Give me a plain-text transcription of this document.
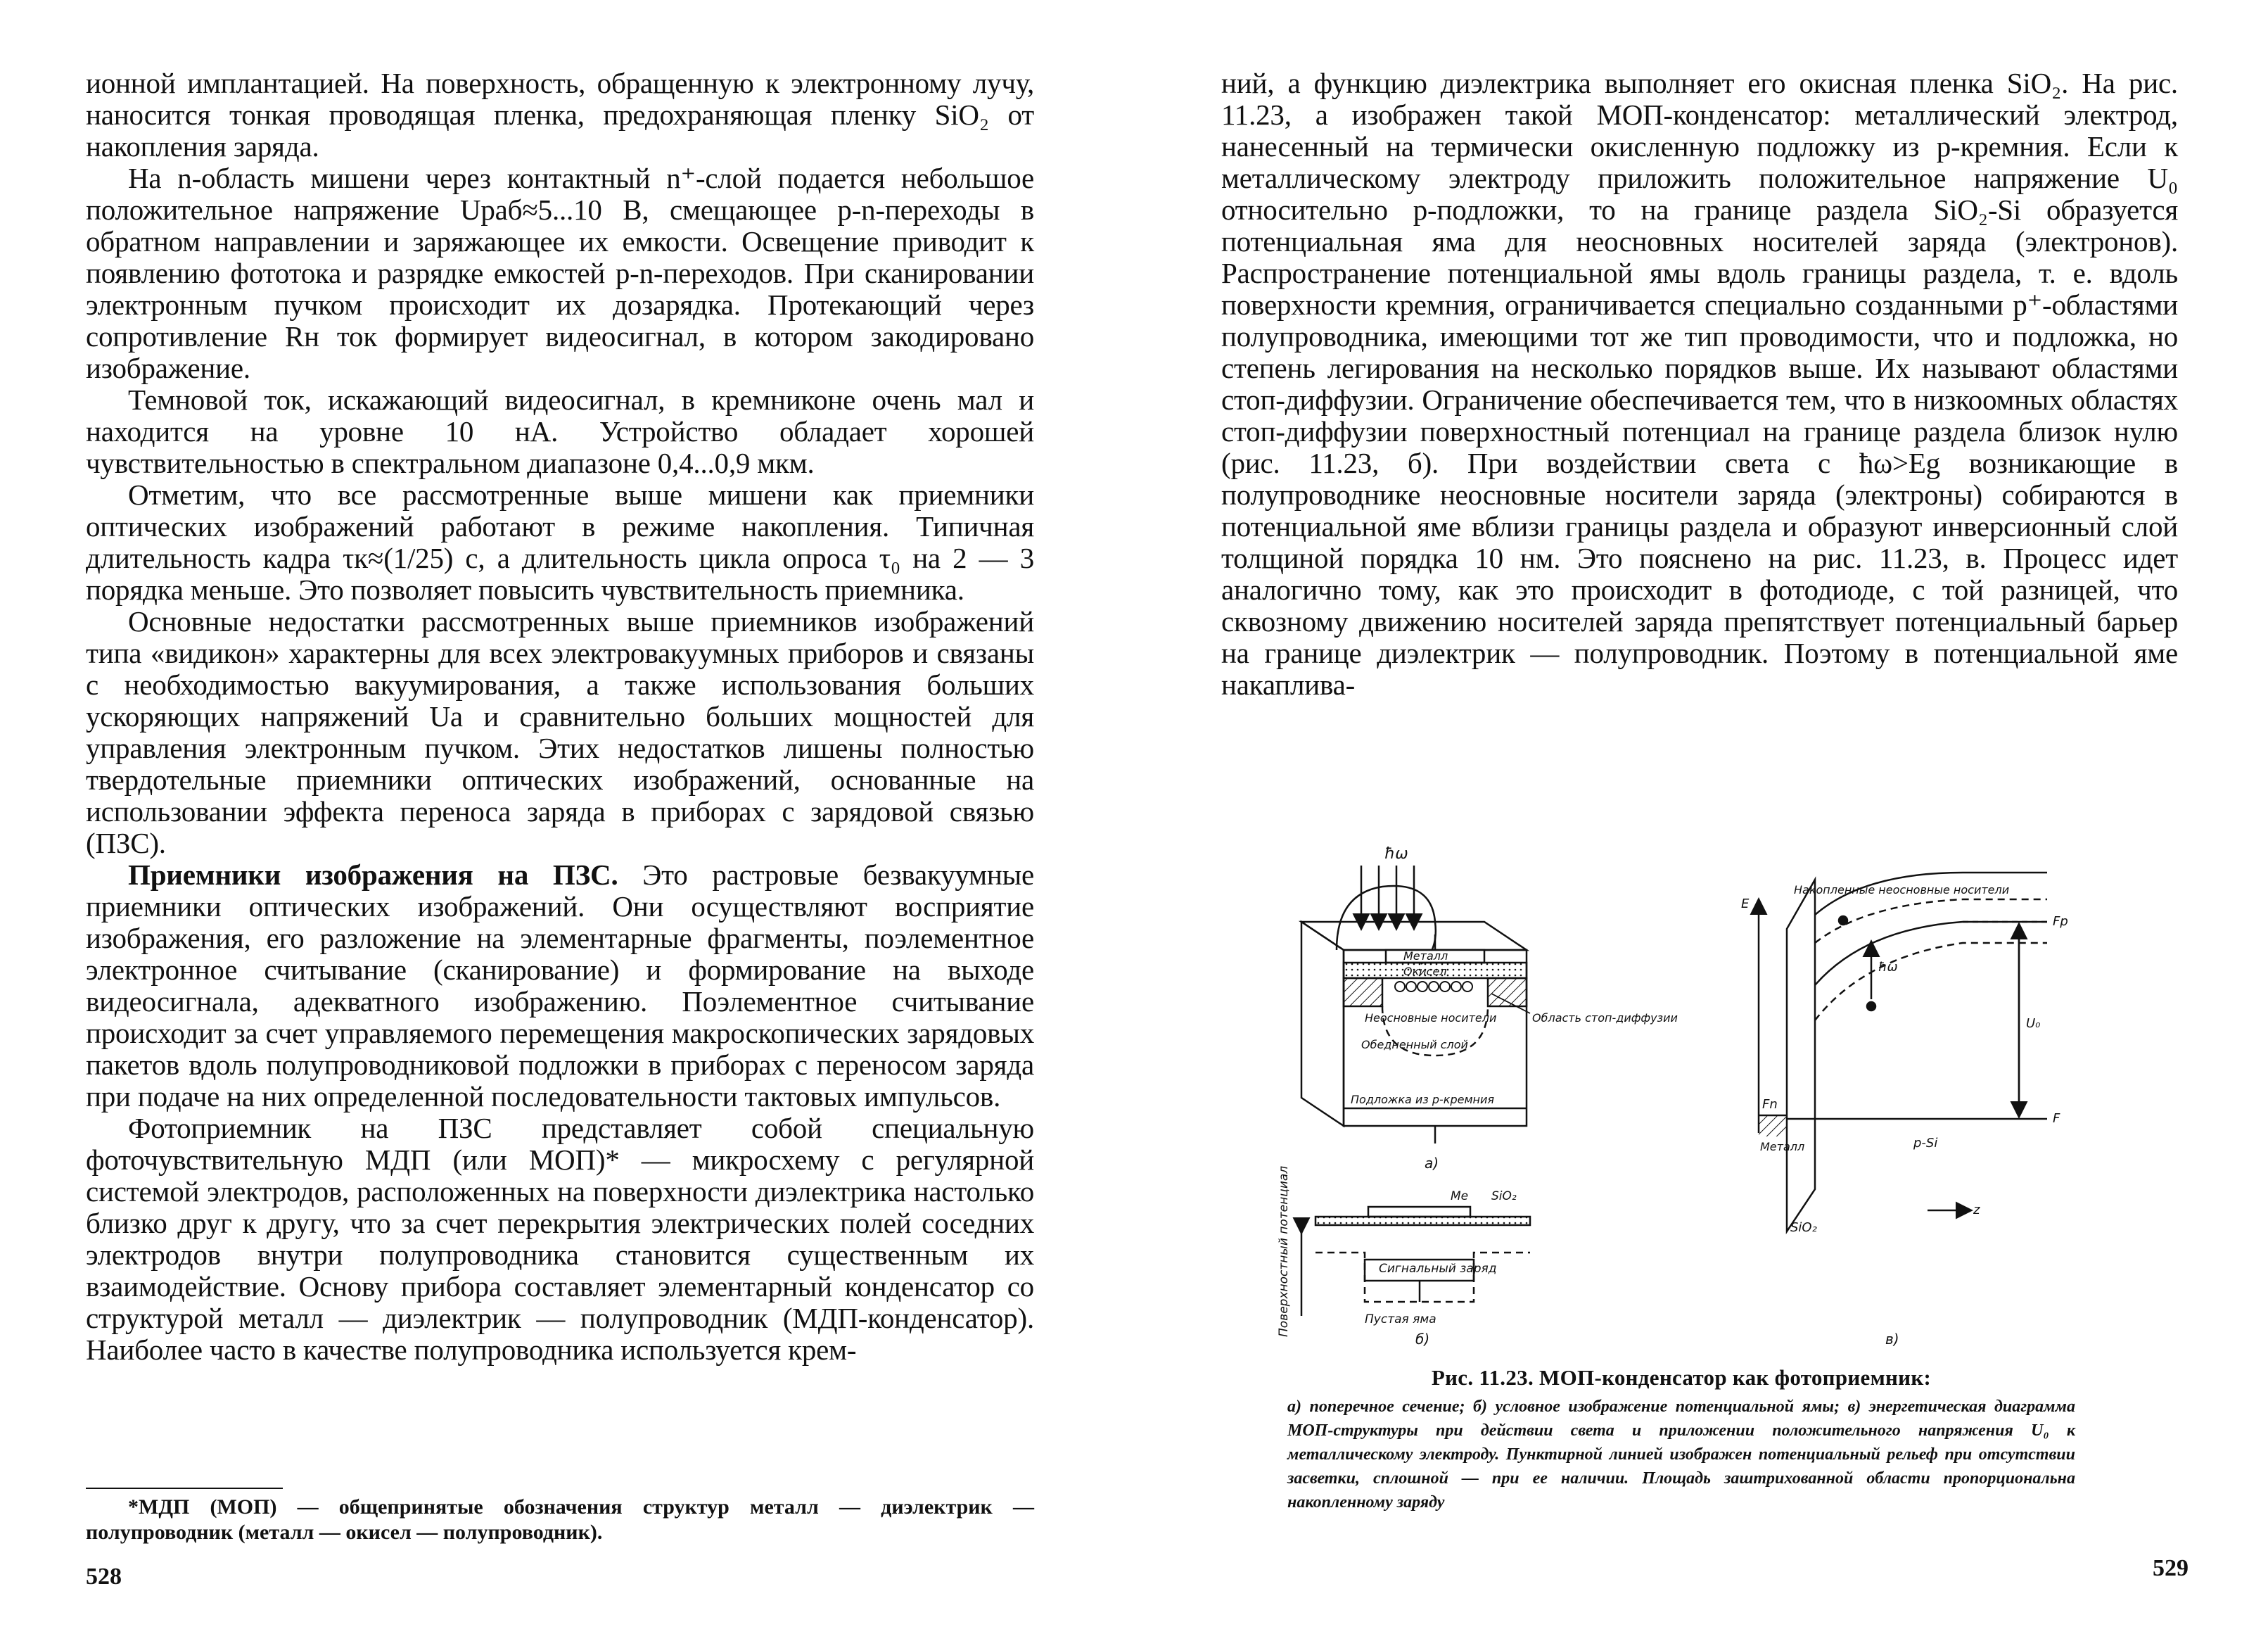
ионной имплантацией. На поверхность, обращенную к электронному лучу, наносится тонкая проводящая пленка, предохраняющая пленку SiO₂ от накопления заряда.

На n-область мишени через контактный n⁺-слой подается небольшое положительное напряжение Uраб≈5...10 В, смещающее p-n-переходы в обратном направлении и заряжающее их емкости. Освещение приводит к появлению фототока и разрядке емкостей p-n-переходов. При сканировании электронным пучком происходит их дозарядка. Протекающий через сопротивление Rн ток формирует видеосигнал, в котором закодировано изображение.

Темновой ток, искажающий видеосигнал, в кремниконе очень мал и находится на уровне 10 нА. Устройство обладает хорошей чувствительностью в спектральном диапазоне 0,4...0,9 мкм.

Отметим, что все рассмотренные выше мишени как приемники оптических изображений работают в режиме накопления. Типичная длительность кадра τк≈(1/25) с, а длительность цикла опроса τ₀ на 2 — 3 порядка меньше. Это позволяет повысить чувствительность приемника.

Основные недостатки рассмотренных выше приемников изображений типа «видикон» характерны для всех электровакуумных приборов и связаны с необходимостью вакуумирования, а также использования больших ускоряющих напряжений Uа и сравнительно больших мощностей для управления электронным пучком. Этих недостатков лишены полностью твердотельные приемники оптических изображений, основанные на использовании эффекта переноса заряда в приборах с зарядовой связью (ПЗС).

Приемники изображения на ПЗС. Это растровые безвакуумные приемники оптических изображений. Они осуществляют восприятие изображения, его разложение на элементарные фрагменты, поэлементное электронное считывание (сканирование) и формирование на выходе видеосигнала, адекватного изображению. Поэлементное считывание происходит за счет управляемого перемещения макроскопических зарядовых пакетов вдоль полупроводниковой подложки в приборах с переносом заряда при подаче на них определенной последовательности тактовых импульсов.

Фотоприемник на ПЗС представляет собой специальную фоточувствительную МДП (или МОП)* — микросхему с регулярной системой электродов, расположенных на поверхности диэлектрика настолько близко друг к другу, что за счет перекрытия электрических полей соседних электродов внутри полупроводника становится существенным их взаимодействие. Основу прибора составляет элементарный конденсатор со структурой металл — диэлектрик — полупроводник (МДП-конденсатор). Наиболее часто в качестве полупроводника используется крем-

*МДП (МОП) — общепринятые обозначения структур металл — диэлектрик — полупроводник (металл — окисел — полупроводник).
528

ний, а функцию диэлектрика выполняет его окисная пленка SiO₂. На рис. 11.23, а изображен такой МОП-конденсатор: металлический электрод, нанесенный на термически окисленную подложку из p-кремния. Если к металлическому электроду приложить положительное напряжение U₀ относительно p-подложки, то на границе раздела SiO₂-Si образуется потенциальная яма для неосновных носителей заряда (электронов). Распространение потенциальной ямы вдоль границы раздела, т. е. вдоль поверхности кремния, ограничивается специально созданными p⁺-областями полупроводника, имеющими тот же тип проводимости, что и подложка, но степень легирования на несколько порядков выше. Их называют областями стоп-диффузии. Ограничение обеспечивается тем, что в низкоомных областях стоп-диффузии поверхностный потенциал на границе раздела близок нулю (рис. 11.23, б). При воздействии света с ħω>Eg возникающие в полупроводнике неосновные носители заряда (электроны) собираются в потенциальной яме вблизи границы раздела и образуют инверсионный слой толщиной порядка 10 нм. Это пояснено на рис. 11.23, в. Процесс идет аналогично тому, как это происходит в фотодиоде, с той разницей, что сквозному движению носителей заряда препятствует потенциальный барьер на границе диэлектрик — полупроводник. Поэтому в потенциальной яме накаплива-

ħω
Металл
Окисел
Неосновные носители
Обедненный слой
Подложка из p-кремния
Область стоп-диффузии
а)
Ме SiO₂
Сигнальный заряд
Пустая яма
б)
Поверхностный потенциал
Накопленные неосновные носители
E
Fp
U₀
Fn
F
Металл	p-Si
SiO₂
z
ħω
в)
Рис. 11.23. МОП-конденсатор как фотоприемник:
а) поперечное сечение; б) условное изображение потенциальной ямы; в) энергетическая диаграмма МОП-структуры при действии света и приложении положительного напряжения U₀ к металлическому электроду. Пунктирной линией изображен потенциальный рельеф при отсутствии засветки, сплошной — при ее наличии. Площадь заштрихованной области пропорциональна накопленному заряду
529
